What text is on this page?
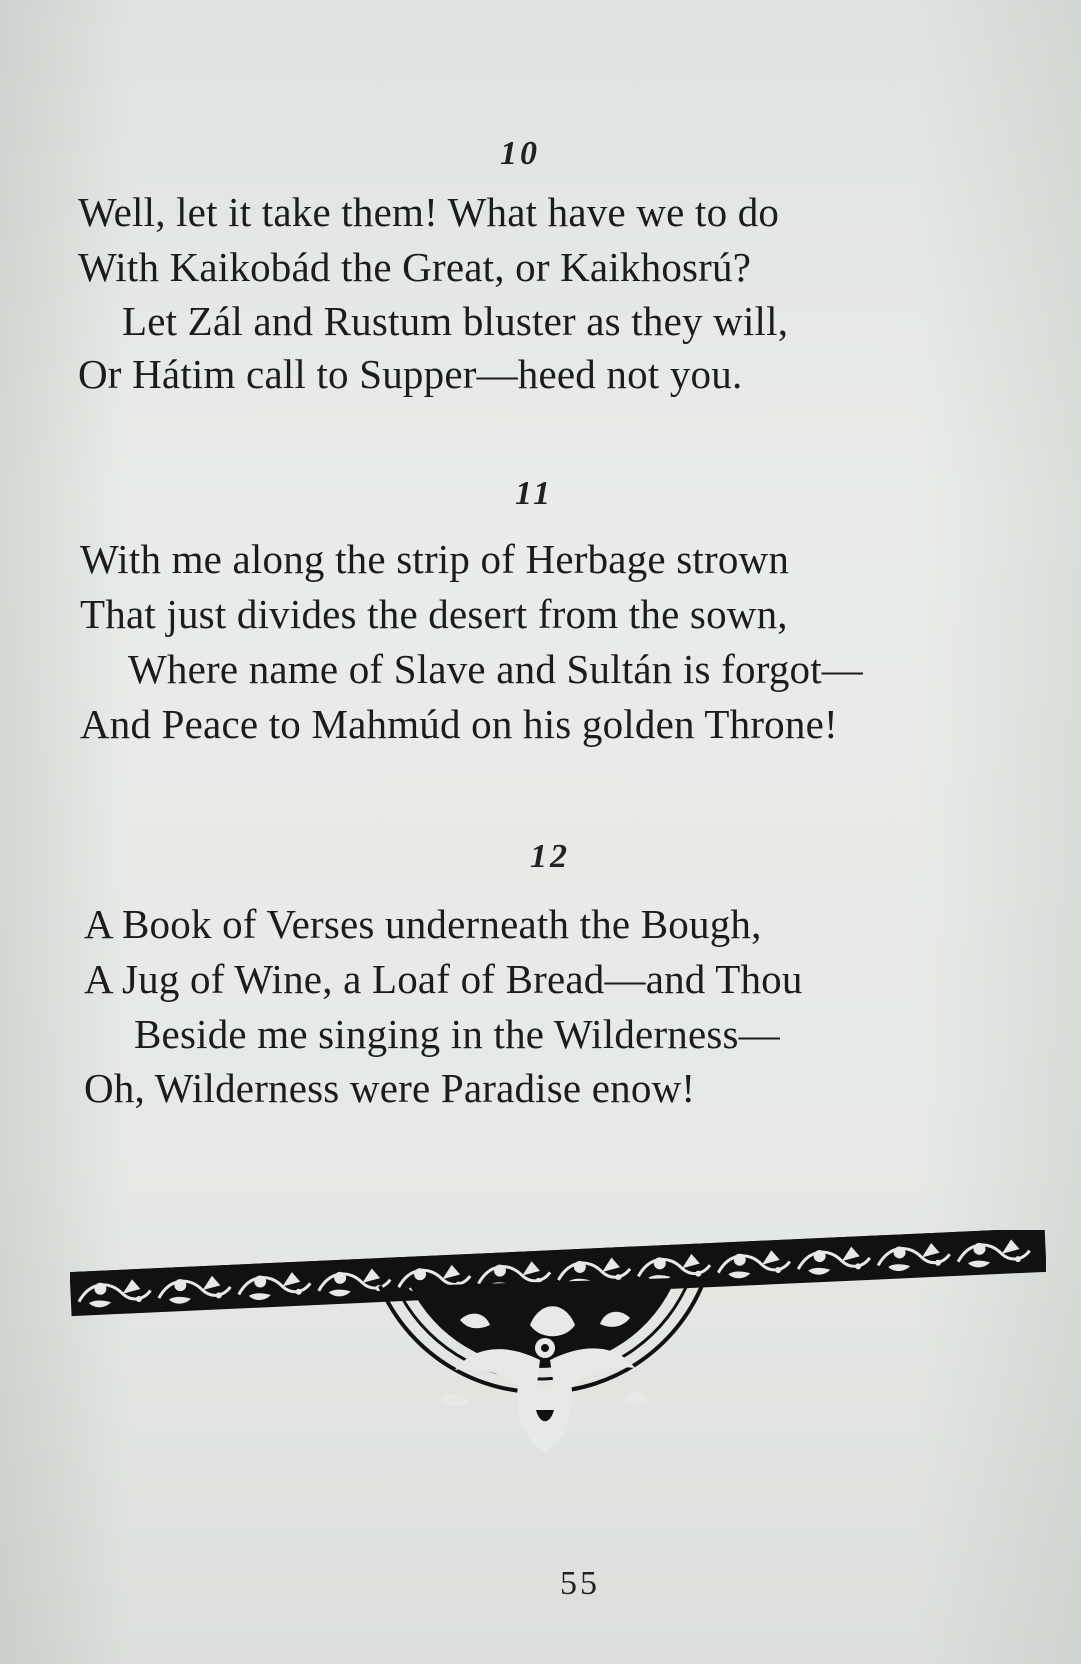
10
Well, let it take them! What have we to do
With Kaikobád the Great, or Kaikhosrú?
Let Zál and Rustum bluster as they will,
Or Hátim call to Supper—heed not you.
11
With me along the strip of Herbage strown
That just divides the desert from the sown,
Where name of Slave and Sultán is forgot—
And Peace to Mahmúd on his golden Throne!
12
A Book of Verses underneath the Bough,
A Jug of Wine, a Loaf of Bread—and Thou
Beside me singing in the Wilderness—
Oh, Wilderness were Paradise enow!
55
